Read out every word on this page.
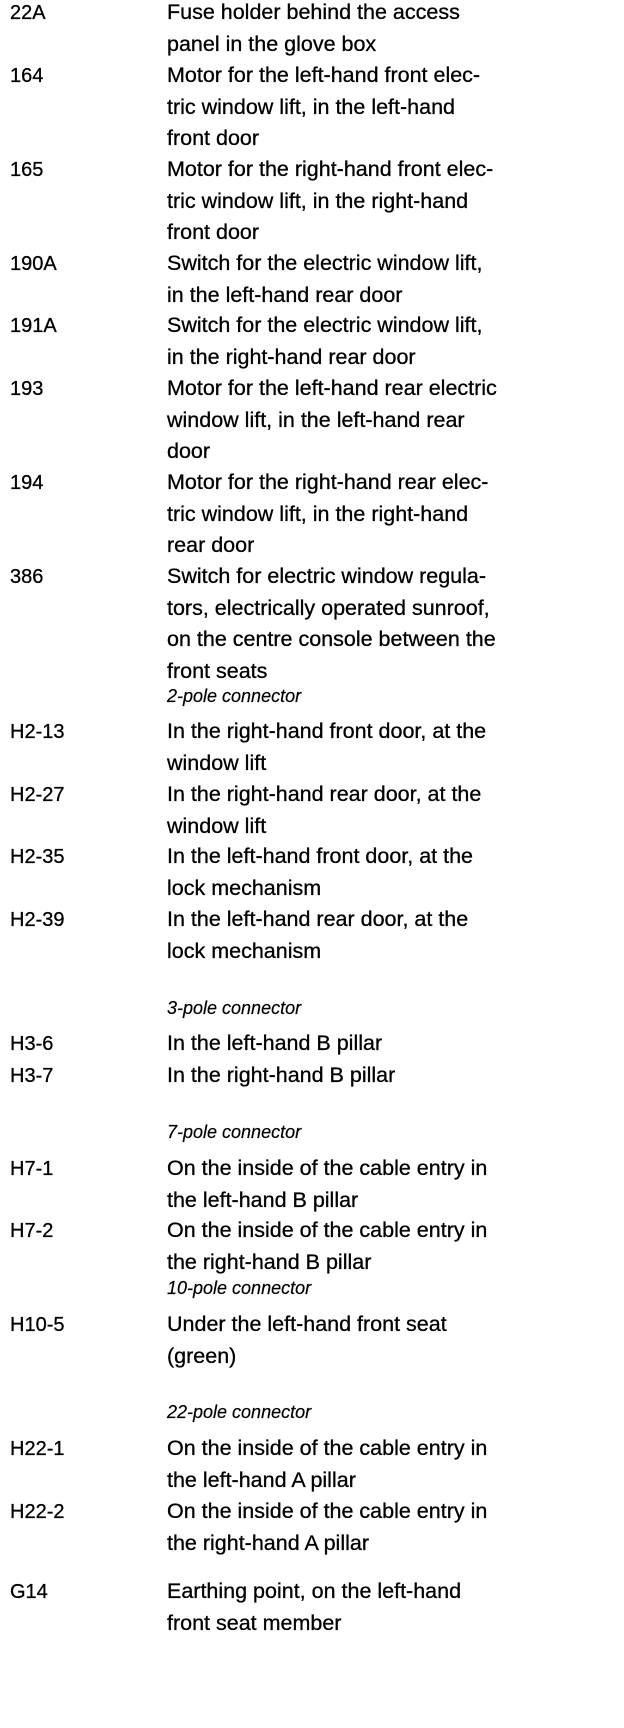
22A	Fuse holder behind the access
panel in the glove box
164	Motor for the left-hand front elec-
tric window lift, in the left-hand
front door
165	Motor for the right-hand front elec-
tric window lift, in the right-hand
front door
190A	Switch for the electric window lift,
in the left-hand rear door
191A	Switch for the electric window lift,
in the right-hand rear door
193	Motor for the left-hand rear electric
window lift, in the left-hand rear
door
194	Motor for the right-hand rear elec-
tric window lift, in the right-hand
rear door
386	Switch for electric window regula-
tors, electrically operated sunroof,
on the centre console between the
front seats
2-pole connector
H2-13	In the right-hand front door, at the
window lift
H2-27	In the right-hand rear door, at the
window lift
H2-35	In the left-hand front door, at the
lock mechanism
H2-39	In the left-hand rear door, at the
lock mechanism
3-pole connector
H3-6	In the left-hand B pillar
H3-7	In the right-hand B pillar
7-pole connector
H7-1	On the inside of the cable entry in
the left-hand B pillar
H7-2	On the inside of the cable entry in
the right-hand B pillar
10-pole connector
H10-5	Under the left-hand front seat
(green)
22-pole connector
H22-1	On the inside of the cable entry in
the left-hand A pillar
H22-2	On the inside of the cable entry in
the right-hand A pillar
G14	Earthing point, on the left-hand
front seat member
